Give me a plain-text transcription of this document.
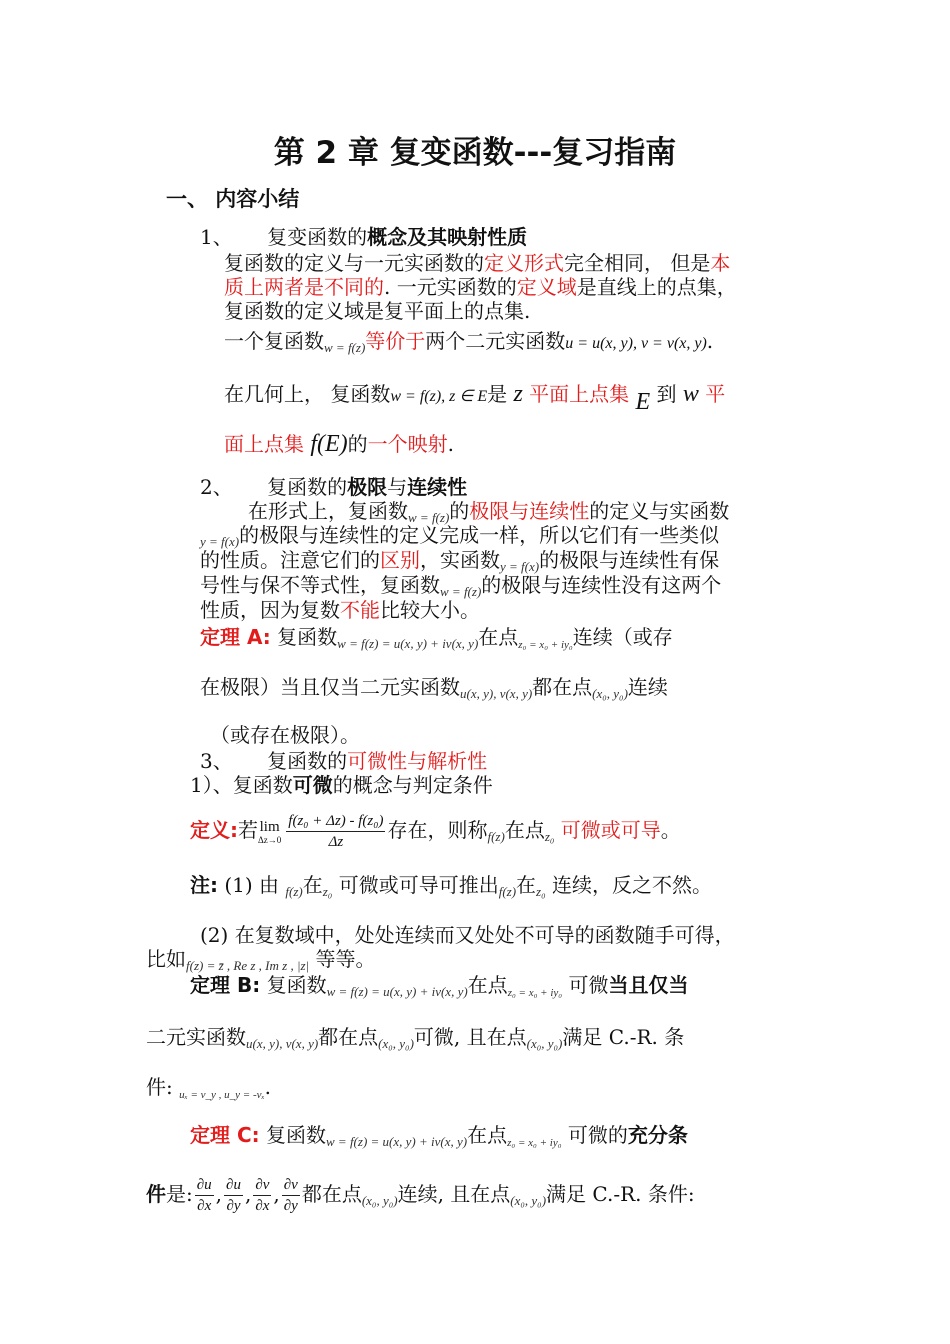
第 2 章 复变函数---复习指南
一、 内容小结
1、 复变函数的概念及其映射性质
复函数的定义与一元实函数的定义形式完全相同， 但是本
质上两者是不同的. 一元实函数的定义域是直线上的点集，
复函数的定义域是复平面上的点集.
一个复函数$_{w = f(z)}$等价于两个二元实函数u = u(x, y), v = v(x, y).
在几何上， 复函数w = f(z), z ∈ E是 z 平面上点集 E 到 w 平
面上点集 f(E)的一个映射.
2、 复函数的极限与连续性
在形式上，复函数$_{w = f(z)}$的极限与连续性的定义与实函数
$_{y = f(x)}$的极限与连续性的定义完成一样，所以它们有一些类似
的性质。注意它们的区别，实函数$_{y = f(x)}$的极限与连续性有保
号性与保不等式性，复函数$_{w = f(z)}$的极限与连续性没有这两个
性质，因为复数不能比较大小。
定理 A: 复函数$_{w = f(z) = u(x, y) + iv(x, y)}$在点$_{z_0 = x_0 + iy_0}$连续（或存
在极限）当且仅当二元实函数$_{u(x, y), v(x, y)}$都在点$_{(x_0, y_0)}$连续
（或存在极限）。
3、 复函数的可微性与解析性
1）、复函数可微的概念与判定条件
定义:若 lim
$\Delta z\to 0 \frac{\text{f(z₀ + Δz) - f(z₀)}}{\Delta z}$ 存在，则称$_{f(z)}$在点$_{z_0}$ 可微或可导。
注: (1) 由 $_{f(z)}$在$_{z_0}$ 可微或可导可推出$_{f(z)}$在$_{z_0}$ 连续，反之不然。
(2) 在复数域中，处处连续而又处处不可导的函数随手可得，
比如$_{f(z) = z̄ , Re z , Im z , |z|}$ 等等。
定理 B: 复函数$_{w = f(z) = u(x, y) + iv(x, y)}$在点$_{z_0 = x_0 + iy_0}$ 可微当且仅当
二元实函数$_{u(x, y), v(x, y)}$都在点$_{(x_0, y_0)}$可微, 且在点$_{(x_0, y_0)}$满足 C.-R. 条
件: $_{u_x = v\_y , u\_y = -v_x}$.
定理 C: 复函数$_{w = f(z) = u(x, y) + iv(x, y)}$在点$_{z_0 = x_0 + iy_0}$ 可微的充分条
件是: $\frac{\partial u}{\partial x}$ , $\frac{\partial u}{\partial y}$ , $\frac{\partial v}{\partial x}$ , $\frac{\partial v}{\partial y}$ 都在点$_{(x_0, y_0)}$连续, 且在点$_{(x_0, y_0)}$满足 C.-R. 条件:
